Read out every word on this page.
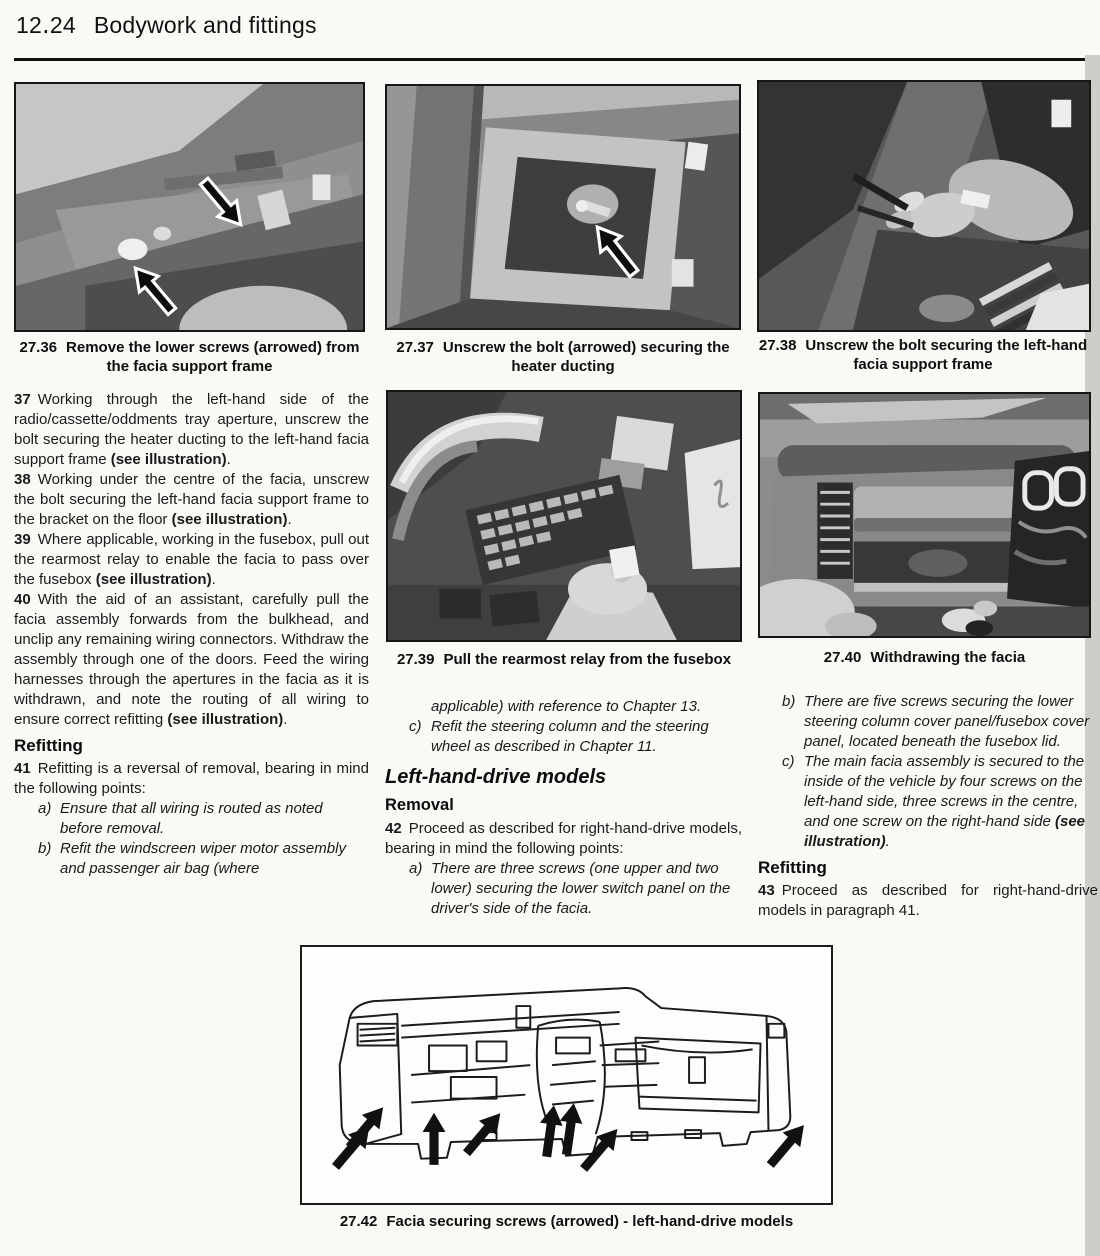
12․24 Bodywork and fittings
27.36 Remove the lower screws (arrowed) from the facia support frame
27.37 Unscrew the bolt (arrowed) securing the heater ducting
27.38 Unscrew the bolt securing the left-hand facia support frame

37 Working through the left-hand side of the radio/cassette/oddments tray aperture, unscrew the bolt securing the heater ducting to the left-hand facia support frame (see illustration).

38 Working under the centre of the facia, unscrew the bolt securing the left-hand facia support frame to the bracket on the floor (see illustration).

39 Where applicable, working in the fusebox, pull out the rearmost relay to enable the facia to pass over the fusebox (see illustration).

40 With the aid of an assistant, carefully pull the facia assembly forwards from the bulkhead, and unclip any remaining wiring connectors. Withdraw the assembly through one of the doors. Feed the wiring harnesses through the apertures in the facia as it is withdrawn, and note the routing of all wiring to ensure correct refitting (see illustration).

Refitting

41 Refitting is a reversal of removal, bearing in mind the following points:

a) Ensure that all wiring is routed as noted before removal.

b) Refit the windscreen wiper motor assembly and passenger air bag (where

27.39 Pull the rearmost relay from the fusebox
applicable) with reference to Chapter 13.

c) Refit the steering column and the steering wheel as described in Chapter 11.

Left-hand-drive models
Removal

42 Proceed as described for right-hand-drive models, bearing in mind the following points:

a) There are three screws (one upper and two lower) securing the lower switch panel on the driver's side of the facia.

27.40 Withdrawing the facia

b) There are five screws securing the lower steering column cover panel/fusebox cover panel, located beneath the fusebox lid.

c) The main facia assembly is secured to the inside of the vehicle by four screws on the left-hand side, three screws in the centre, and one screw on the right-hand side (see illustration).

Refitting

43 Proceed as described for right-hand-drive models in paragraph 41.

27.42 Facia securing screws (arrowed) - left-hand-drive models
